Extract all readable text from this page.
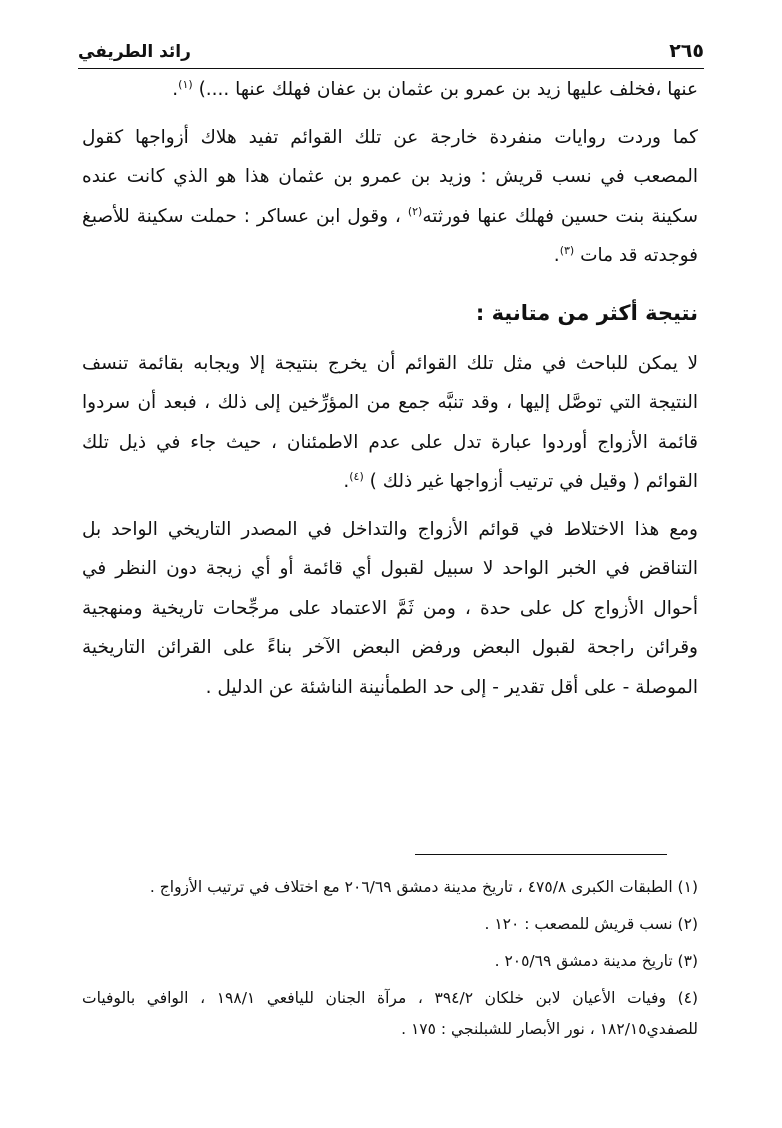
٢٦٥
رائد الطريفي

عنها ،فخلف عليها زيد بن عمرو بن عثمان بن عفان فهلك عنها ....) $^{(١)}$.

كما وردت روايات منفردة خارجة عن تلك القوائم تفيد هلاك أزواجها كقول المصعب في نسب قريش : وزيد بن عمرو بن عثمان هذا هو الذي كانت عنده سكينة بنت حسين فهلك عنها فورثته$^{(٢)}$ ، وقول ابن عساكر : حملت سكينة للأصبغ فوجدته قد مات $^{(٣)}$.

نتيجة أكثر من متانية :

لا يمكن للباحث في مثل تلك القوائم أن يخرج بنتيجة إلا ويجابه بقائمة تنسف النتيجة التي توصَّل إليها ، وقد تنبَّه جمع من المؤرِّخين إلى ذلك ، فبعد أن سردوا قائمة الأزواج أوردوا عبارة تدل على عدم الاطمئنان ، حيث جاء في ذيل تلك القوائم ( وقيل في ترتيب أزواجها غير ذلك ) $^{(٤)}$.

ومع هذا الاختلاط في قوائم الأزواج والتداخل في المصدر التاريخي الواحد بل التناقض في الخبر الواحد لا سبيل لقبول أي قائمة أو أي زيجة دون النظر في أحوال الأزواج كل على حدة ، ومن ثَمَّ الاعتماد على مرجِّحات تاريخية ومنهجية وقرائن راجحة لقبول البعض ورفض البعض الآخر بناءً على القرائن التاريخية الموصلة - على أقل تقدير - إلى حد الطمأنينة الناشئة عن الدليل .

(١) الطبقات الكبرى ٤٧٥/٨ ، تاريخ مدينة دمشق ٢٠٦/٦٩ مع اختلاف في ترتيب الأزواج .

(٢) نسب قريش للمصعب : ١٢٠ .

(٣) تاريخ مدينة دمشق ٢٠٥/٦٩ .

(٤) وفيات الأعيان لابن خلكان ٣٩٤/٢ ، مرآة الجنان لليافعي ١٩٨/١ ، الوافي بالوفيات للصفدي١٨٢/١٥ ، نور الأبصار للشبلنجي : ١٧٥ .
